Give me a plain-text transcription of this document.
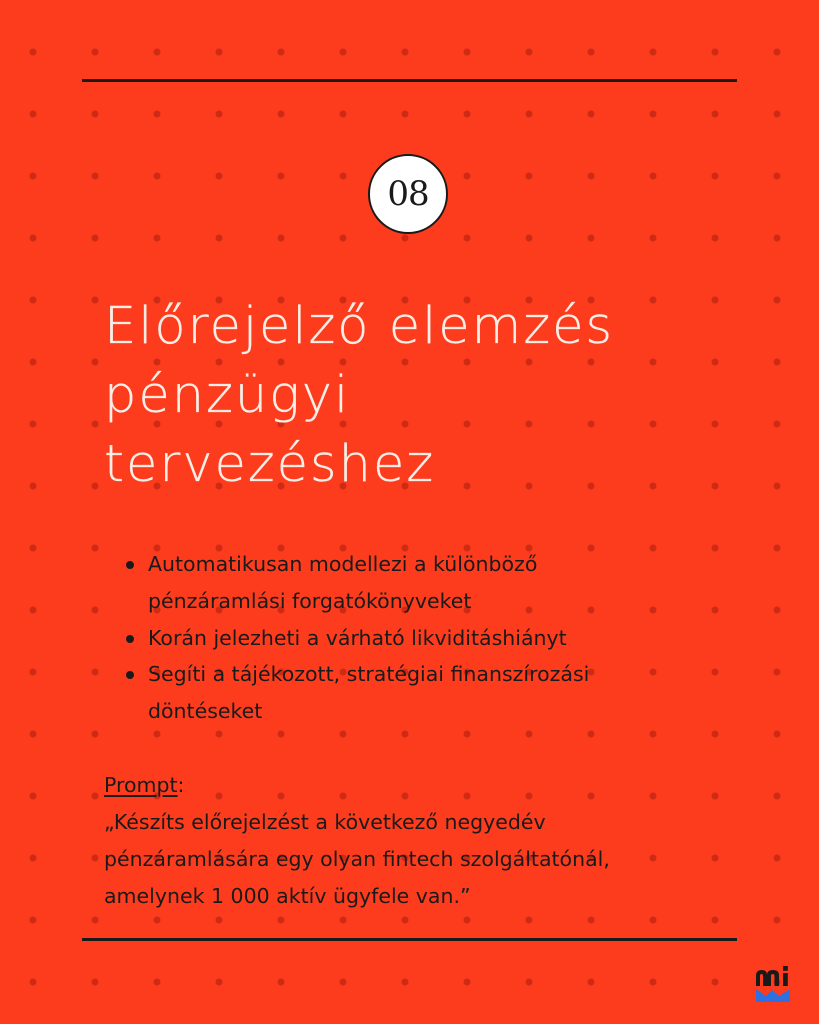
08
Előrejelző elemzés
pénzügyi
tervezéshez
Automatikusan modellezi a különböző
pénzáramlási forgatókönyveket
Korán jelezheti a várható likviditáshiányt
Segíti a tájékozott, stratégiai finanszírozási
döntéseket
Prompt:
„Készíts előrejelzést a következő negyedév
pénzáramlására egy olyan fintech szolgáltatónál,
amelynek 1 000 aktív ügyfele van.”
